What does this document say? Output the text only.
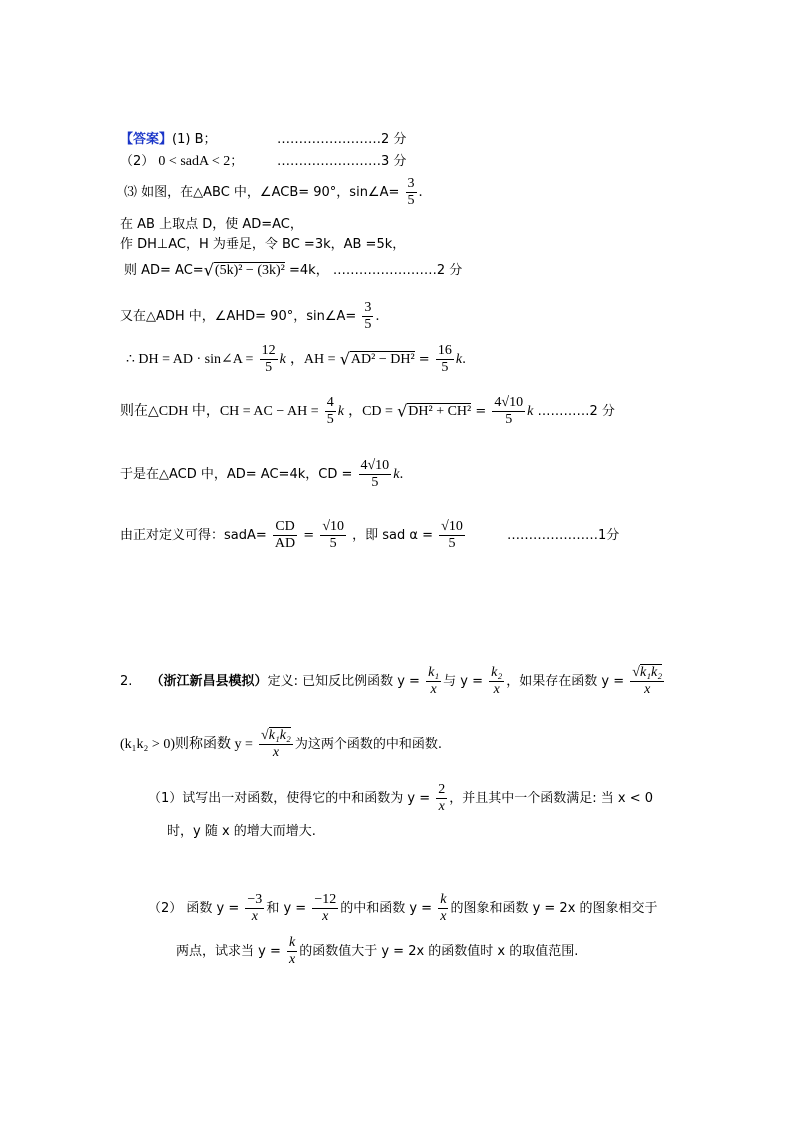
【答案】(1) B；	……………………2 分
（2） 0 < sadA < 2；	……………………3 分
⑶ 如图，在△ABC 中，∠ACB= 90°，sin∠A= $\frac{3}{5}$ .
在 AB 上取点 D，使 AD=AC，
作 DH⊥AC，H 为垂足，令 BC =3k，AB =5k，
则 AD= AC=√(5k)² − (3k)² =4k， ……………………2 分
又在△ADH 中，∠AHD= 90°，sin∠A= $\frac{3}{5}$ .
∴ DH = AD · sin∠A = $\frac{12}{5}$ k ，AH = $√AD^2 - DH^2 = \frac{16}{5} k$.
则在△CDH 中，CH = AC − AH = $\frac{4}{5}$ k ，CD = $√DH^2 + CH^2 = \frac{4√10}{5}$ k …………2 分
于是在△ACD 中，AD= AC=4k，CD = $\frac{4√10}{5} k$.
由正对定义可得：sadA= $\frac{CD}{AD} = \frac{√10}{5}$ ，即 sad $\alpha = \frac{√10}{5}$	…………………1分
2. （浙江新昌县模拟）定义: 已知反比例函数 $y = \frac{\text{k₁}}{x}$ 与 $y = \frac{\text{k₂}}{x}$ ，如果存在函数 $y = \frac{\text{√k₁k₂}}{x}$
(k₁k₂ > 0)则称函数 $y = \frac{\text{√k₁k₂}}{x}$ 为这两个函数的中和函数.
（1）试写出一对函数，使得它的中和函数为 $y = \frac{2}{x}$ ，并且其中一个函数满足: 当 x < 0
时，y 随 x 的增大而增大.
（2） 函数 $y = \frac{-3}{x}$ 和 $y = \frac{-12}{x}$ 的中和函数 $y = \frac{k}{x}$ 的图象和函数 y = 2x 的图象相交于
两点，试求当 $y = \frac{k}{x}$ 的函数值大于 y = 2x 的函数值时 x 的取值范围.
